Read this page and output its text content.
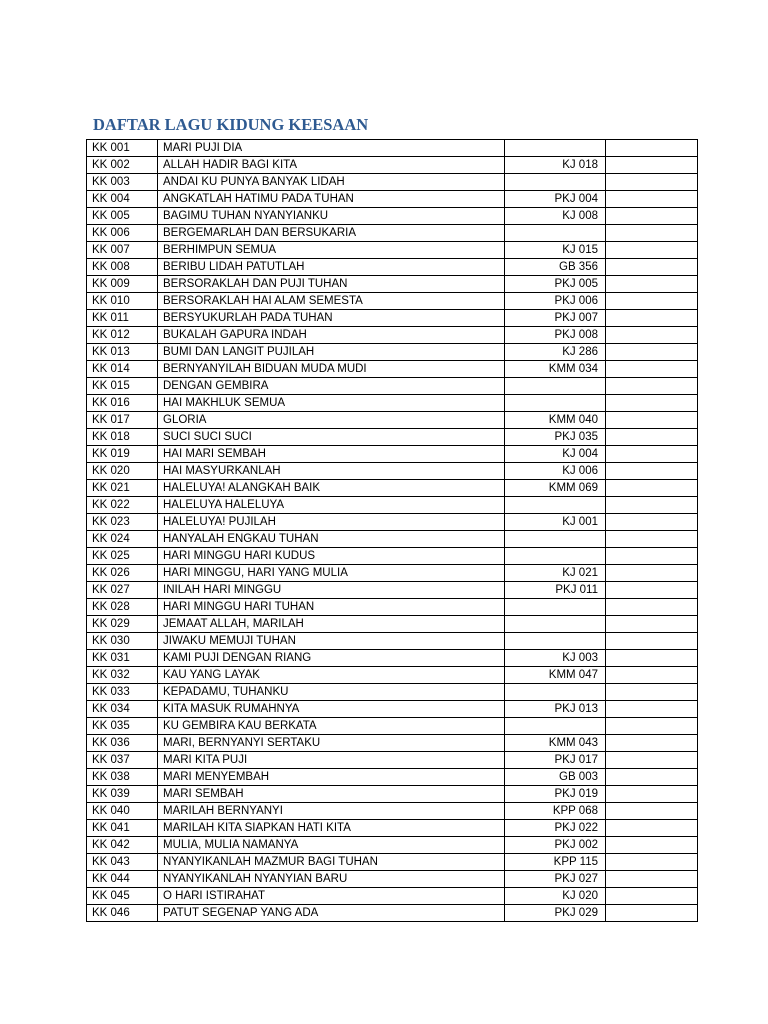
DAFTAR LAGU KIDUNG KEESAAN
KK 001	MARI PUJI DIA		
KK 002	ALLAH HADIR BAGI KITA	KJ 018	
KK 003	ANDAI KU PUNYA BANYAK LIDAH		
KK 004	ANGKATLAH HATIMU PADA TUHAN	PKJ 004	
KK 005	BAGIMU TUHAN NYANYIANKU	KJ 008	
KK 006	BERGEMARLAH DAN BERSUKARIA		
KK 007	BERHIMPUN SEMUA	KJ 015	
KK 008	BERIBU LIDAH PATUTLAH	GB 356	
KK 009	BERSORAKLAH DAN PUJI TUHAN	PKJ 005	
KK 010	BERSORAKLAH HAI ALAM SEMESTA	PKJ 006	
KK 011	BERSYUKURLAH PADA TUHAN	PKJ 007	
KK 012	BUKALAH GAPURA INDAH	PKJ 008	
KK 013	BUMI DAN LANGIT PUJILAH	KJ 286	
KK 014	BERNYANYILAH BIDUAN MUDA MUDI	KMM 034	
KK 015	DENGAN GEMBIRA		
KK 016	HAI MAKHLUK SEMUA		
KK 017	GLORIA	KMM 040	
KK 018	SUCI SUCI SUCI	PKJ 035	
KK 019	HAI MARI SEMBAH	KJ 004	
KK 020	HAI MASYURKANLAH	KJ 006	
KK 021	HALELUYA! ALANGKAH BAIK	KMM 069	
KK 022	HALELUYA HALELUYA		
KK 023	HALELUYA! PUJILAH	KJ 001	
KK 024	HANYALAH ENGKAU TUHAN		
KK 025	HARI MINGGU HARI KUDUS		
KK 026	HARI MINGGU, HARI YANG MULIA	KJ 021	
KK 027	INILAH HARI MINGGU	PKJ 011	
KK 028	HARI MINGGU HARI TUHAN		
KK 029	JEMAAT ALLAH, MARILAH		
KK 030	JIWAKU MEMUJI TUHAN		
KK 031	KAMI PUJI DENGAN RIANG	KJ 003	
KK 032	KAU YANG LAYAK	KMM 047	
KK 033	KEPADAMU, TUHANKU		
KK 034	KITA MASUK RUMAHNYA	PKJ 013	
KK 035	KU GEMBIRA KAU BERKATA		
KK 036	MARI, BERNYANYI SERTAKU	KMM 043	
KK 037	MARI KITA PUJI	PKJ 017	
KK 038	MARI MENYEMBAH	GB 003	
KK 039	MARI SEMBAH	PKJ 019	
KK 040	MARILAH BERNYANYI	KPP 068	
KK 041	MARILAH KITA SIAPKAN HATI KITA	PKJ 022	
KK 042	MULIA, MULIA NAMANYA	PKJ 002	
KK 043	NYANYIKANLAH MAZMUR BAGI TUHAN	KPP 115	
KK 044	NYANYIKANLAH NYANYIAN BARU	PKJ 027	
KK 045	O HARI ISTIRAHAT	KJ 020	
KK 046	PATUT SEGENAP YANG ADA	PKJ 029	
